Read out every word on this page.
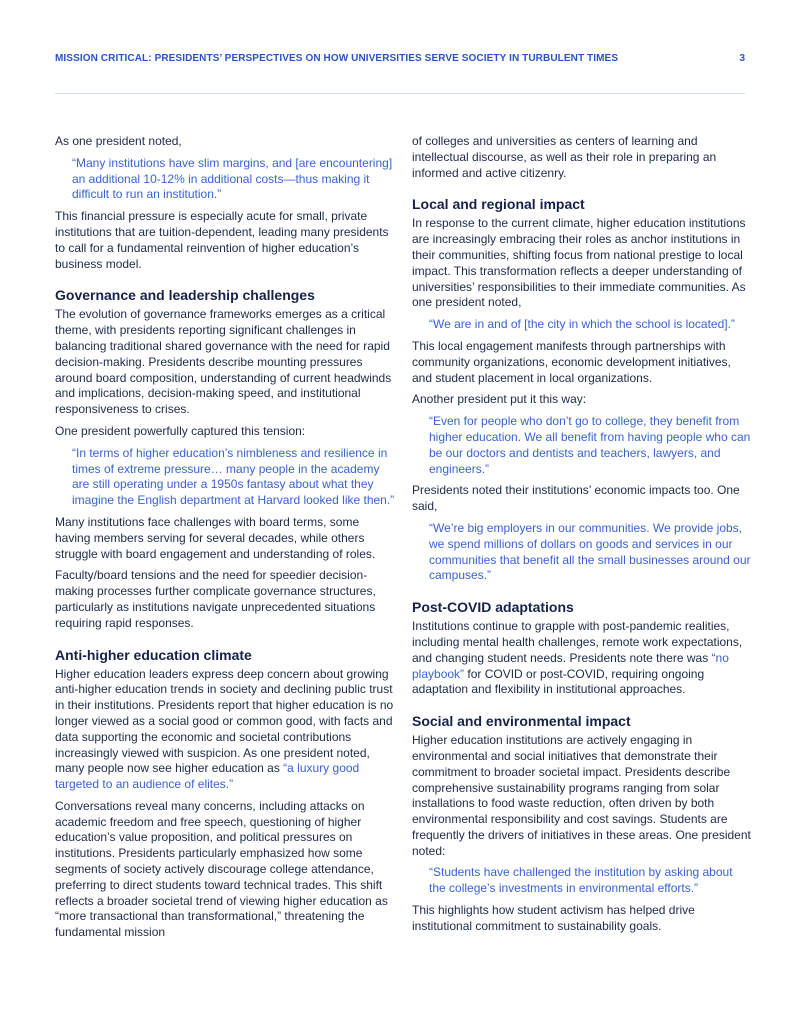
MISSION CRITICAL: PRESIDENTS’ PERSPECTIVES ON HOW UNIVERSITIES SERVE SOCIETY IN TURBULENT TIMES	3

As one president noted,

“Many institutions have slim margins, and [are encountering] an additional 10-12% in additional costs—thus making it difficult to run an institution.”

This financial pressure is especially acute for small, private institutions that are tuition-dependent, leading many presidents to call for a fundamental reinvention of higher education’s business model.

Governance and leadership challenges

The evolution of governance frameworks emerges as a critical theme, with presidents reporting significant challenges in balancing traditional shared governance with the need for rapid decision-making. Presidents describe mounting pressures around board composition, understanding of current headwinds and implications, decision-making speed, and institutional responsiveness to crises.

One president powerfully captured this tension:

“In terms of higher education’s nimbleness and resilience in times of extreme pressure… many people in the academy are still operating under a 1950s fantasy about what they imagine the English department at Harvard looked like then.”

Many institutions face challenges with board terms, some having members serving for several decades, while others struggle with board engagement and understanding of roles.

Faculty/board tensions and the need for speedier decision-making processes further complicate governance structures, particularly as institutions navigate unprecedented situations requiring rapid responses.

Anti-higher education climate

Higher education leaders express deep concern about growing anti-higher education trends in society and declining public trust in their institutions. Presidents report that higher education is no longer viewed as a social good or common good, with facts and data supporting the economic and societal contributions increasingly viewed with suspicion. As one president noted, many people now see higher education as “a luxury good targeted to an audience of elites.”

Conversations reveal many concerns, including attacks on academic freedom and free speech, questioning of higher education’s value proposition, and political pressures on institutions. Presidents particularly emphasized how some segments of society actively discourage college attendance, preferring to direct students toward technical trades. This shift reflects a broader societal trend of viewing higher education as “more transactional than transformational,” threatening the fundamental mission

of colleges and universities as centers of learning and intellectual discourse, as well as their role in preparing an informed and active citizenry.

Local and regional impact

In response to the current climate, higher education institutions are increasingly embracing their roles as anchor institutions in their communities, shifting focus from national prestige to local impact. This transformation reflects a deeper understanding of universities’ responsibilities to their immediate communities. As one president noted,

“We are in and of [the city in which the school is located].”

This local engagement manifests through partnerships with community organizations, economic development initiatives, and student placement in local organizations.

Another president put it this way:

“Even for people who don’t go to college, they benefit from higher education. We all benefit from having people who can be our doctors and dentists and teachers, lawyers, and engineers.”

Presidents noted their institutions’ economic impacts too. One said,

“We’re big employers in our communities. We provide jobs, we spend millions of dollars on goods and services in our communities that benefit all the small businesses around our campuses.”
Post-COVID adaptations

Institutions continue to grapple with post-pandemic realities, including mental health challenges, remote work expectations, and changing student needs. Presidents note there was “no playbook” for COVID or post-COVID, requiring ongoing adaptation and flexibility in institutional approaches.

Social and environmental impact

Higher education institutions are actively engaging in environmental and social initiatives that demonstrate their commitment to broader societal impact. Presidents describe comprehensive sustainability programs ranging from solar installations to food waste reduction, often driven by both environmental responsibility and cost savings. Students are frequently the drivers of initiatives in these areas. One president noted:

“Students have challenged the institution by asking about the college’s investments in environmental efforts.”

This highlights how student activism has helped drive institutional commitment to sustainability goals.
